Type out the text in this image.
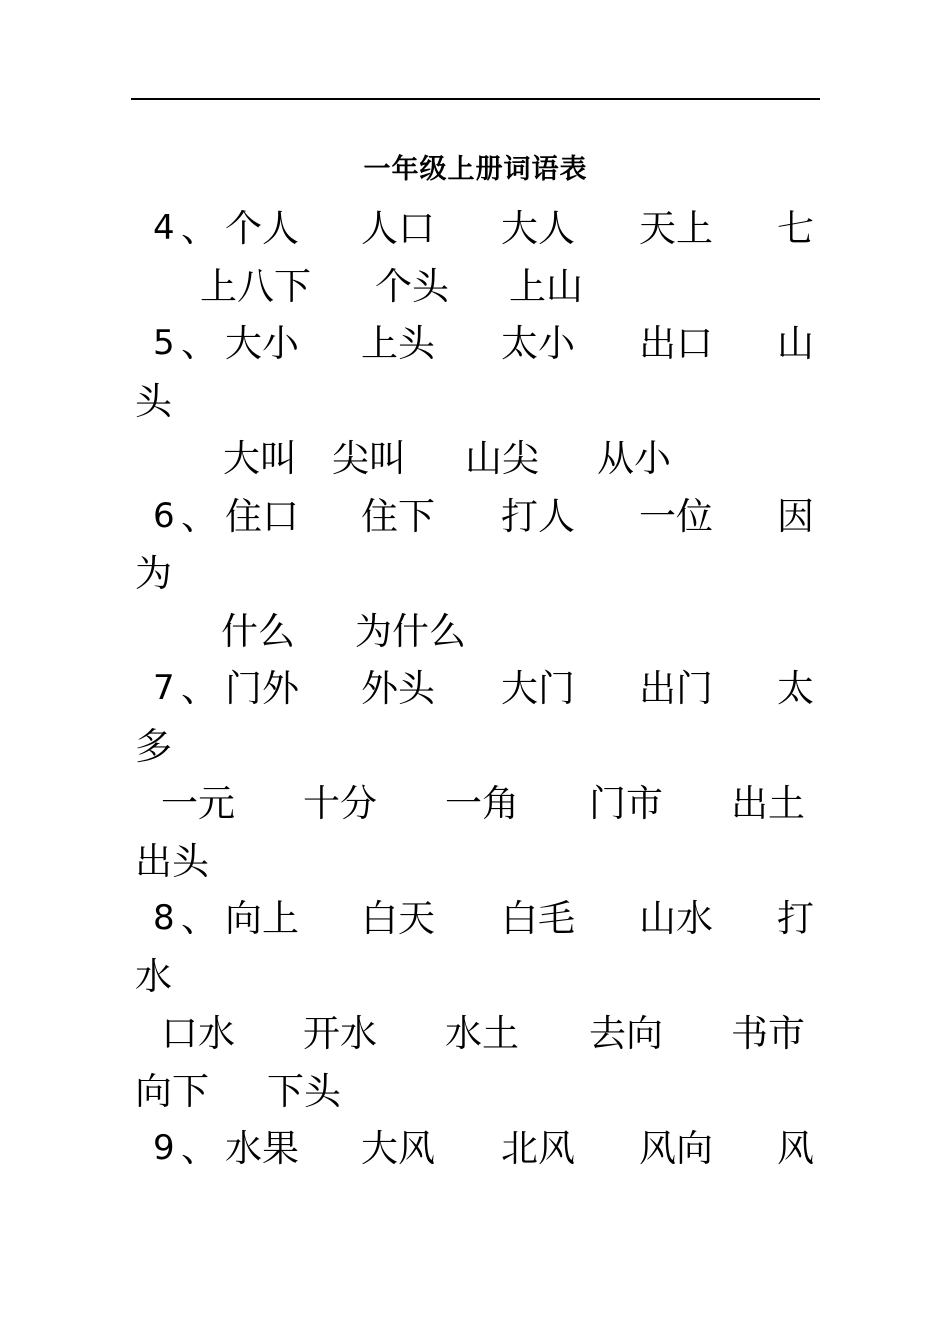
一年级上册词语表
4 、 个人 人口 大人 天上 七
上八下 个头 上山
5 、 大小 上头 太小 出口 山
头
大叫 尖叫 山尖 从小
6 、 住口 住下 打人 一位 因
为
什么 为什么
7 、 门外 外头 大门 出门 太
多
一元 十分 一角 门市 出土
出头
8 、 向上 白天 白毛 山水 打
水
口水 开水 水土 去向 书市
向下 下头
9 、 水果 大风 北风 风向 风
